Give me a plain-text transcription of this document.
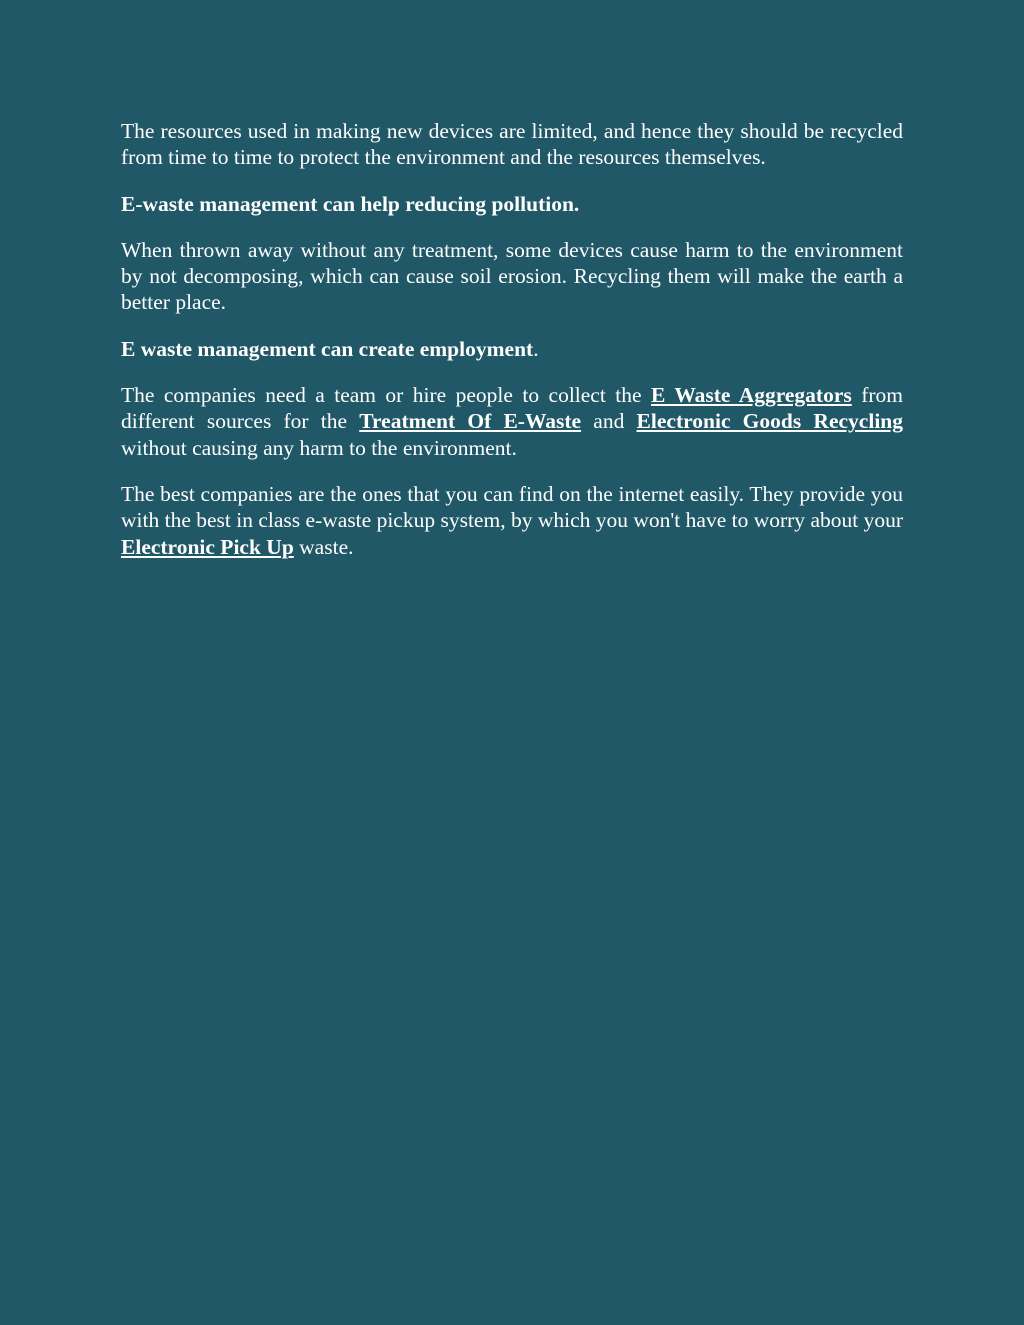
The resources used in making new devices are limited, and hence they should be recycled from time to time to protect the environment and the resources themselves.

E-waste management can help reducing pollution.

When thrown away without any treatment, some devices cause harm to the environment by not decomposing, which can cause soil erosion. Recycling them will make the earth a better place.

E waste management can create employment.

The companies need a team or hire people to collect the E Waste Aggregators from different sources for the Treatment Of E-Waste and Electronic Goods Recycling without causing any harm to the environment.

The best companies are the ones that you can find on the internet easily. They provide you with the best in class e-waste pickup system, by which you won't have to worry about your Electronic Pick Up waste.
